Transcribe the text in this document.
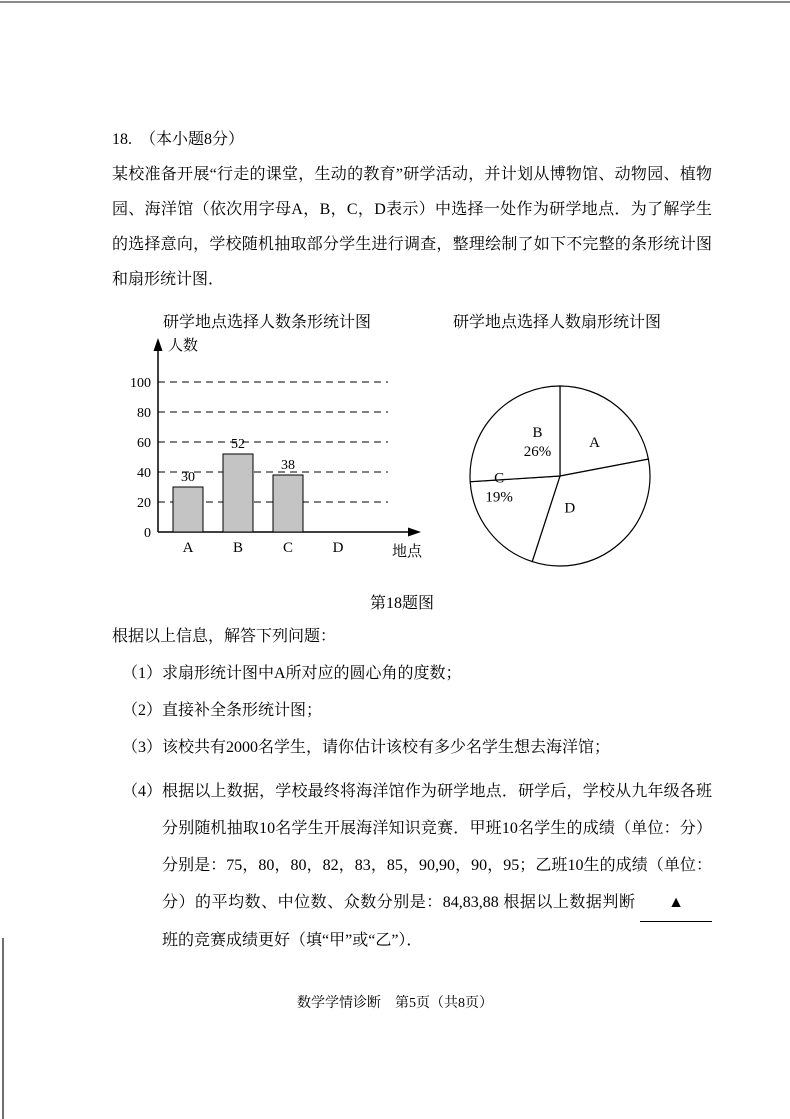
18. （本小题8分）
某校准备开展“行走的课堂，生动的教育”研学活动，并计划从博物馆、动物园、植物园、海洋馆（依次用字母A，B，C，D表示）中选择一处作为研学地点．为了解学生的选择意向，学校随机抽取部分学生进行调查，整理绘制了如下不完整的条形统计图和扇形统计图．
研学地点选择人数条形统计图	研学地点选择人数扇形统计图
0
20
40
60
80
100
人数
地点
A
30
B
52
C
38
D
A
B
26%
C
19%
D
第18题图
根据以上信息，解答下列问题：
（1）求扇形统计图中A所对应的圆心角的度数；
（2）直接补全条形统计图；
（3）该校共有2000名学生，请你估计该校有多少名学生想去海洋馆；
（4） 根据以上数据，学校最终将海洋馆作为研学地点．研学后，学校从九年级各班分别随机抽取10名学生开展海洋知识竞赛．甲班10名学生的成绩（单位：分）分别是：75，80，80，82，83，85，90,90，90，95；乙班10生的成绩（单位：分）的平均数、中位数、众数分别是：84,83,88 根据以上数据判断 ▲ 班的竞赛成绩更好（填“甲”或“乙”）．
数学学情诊断　第5页（共8页）
